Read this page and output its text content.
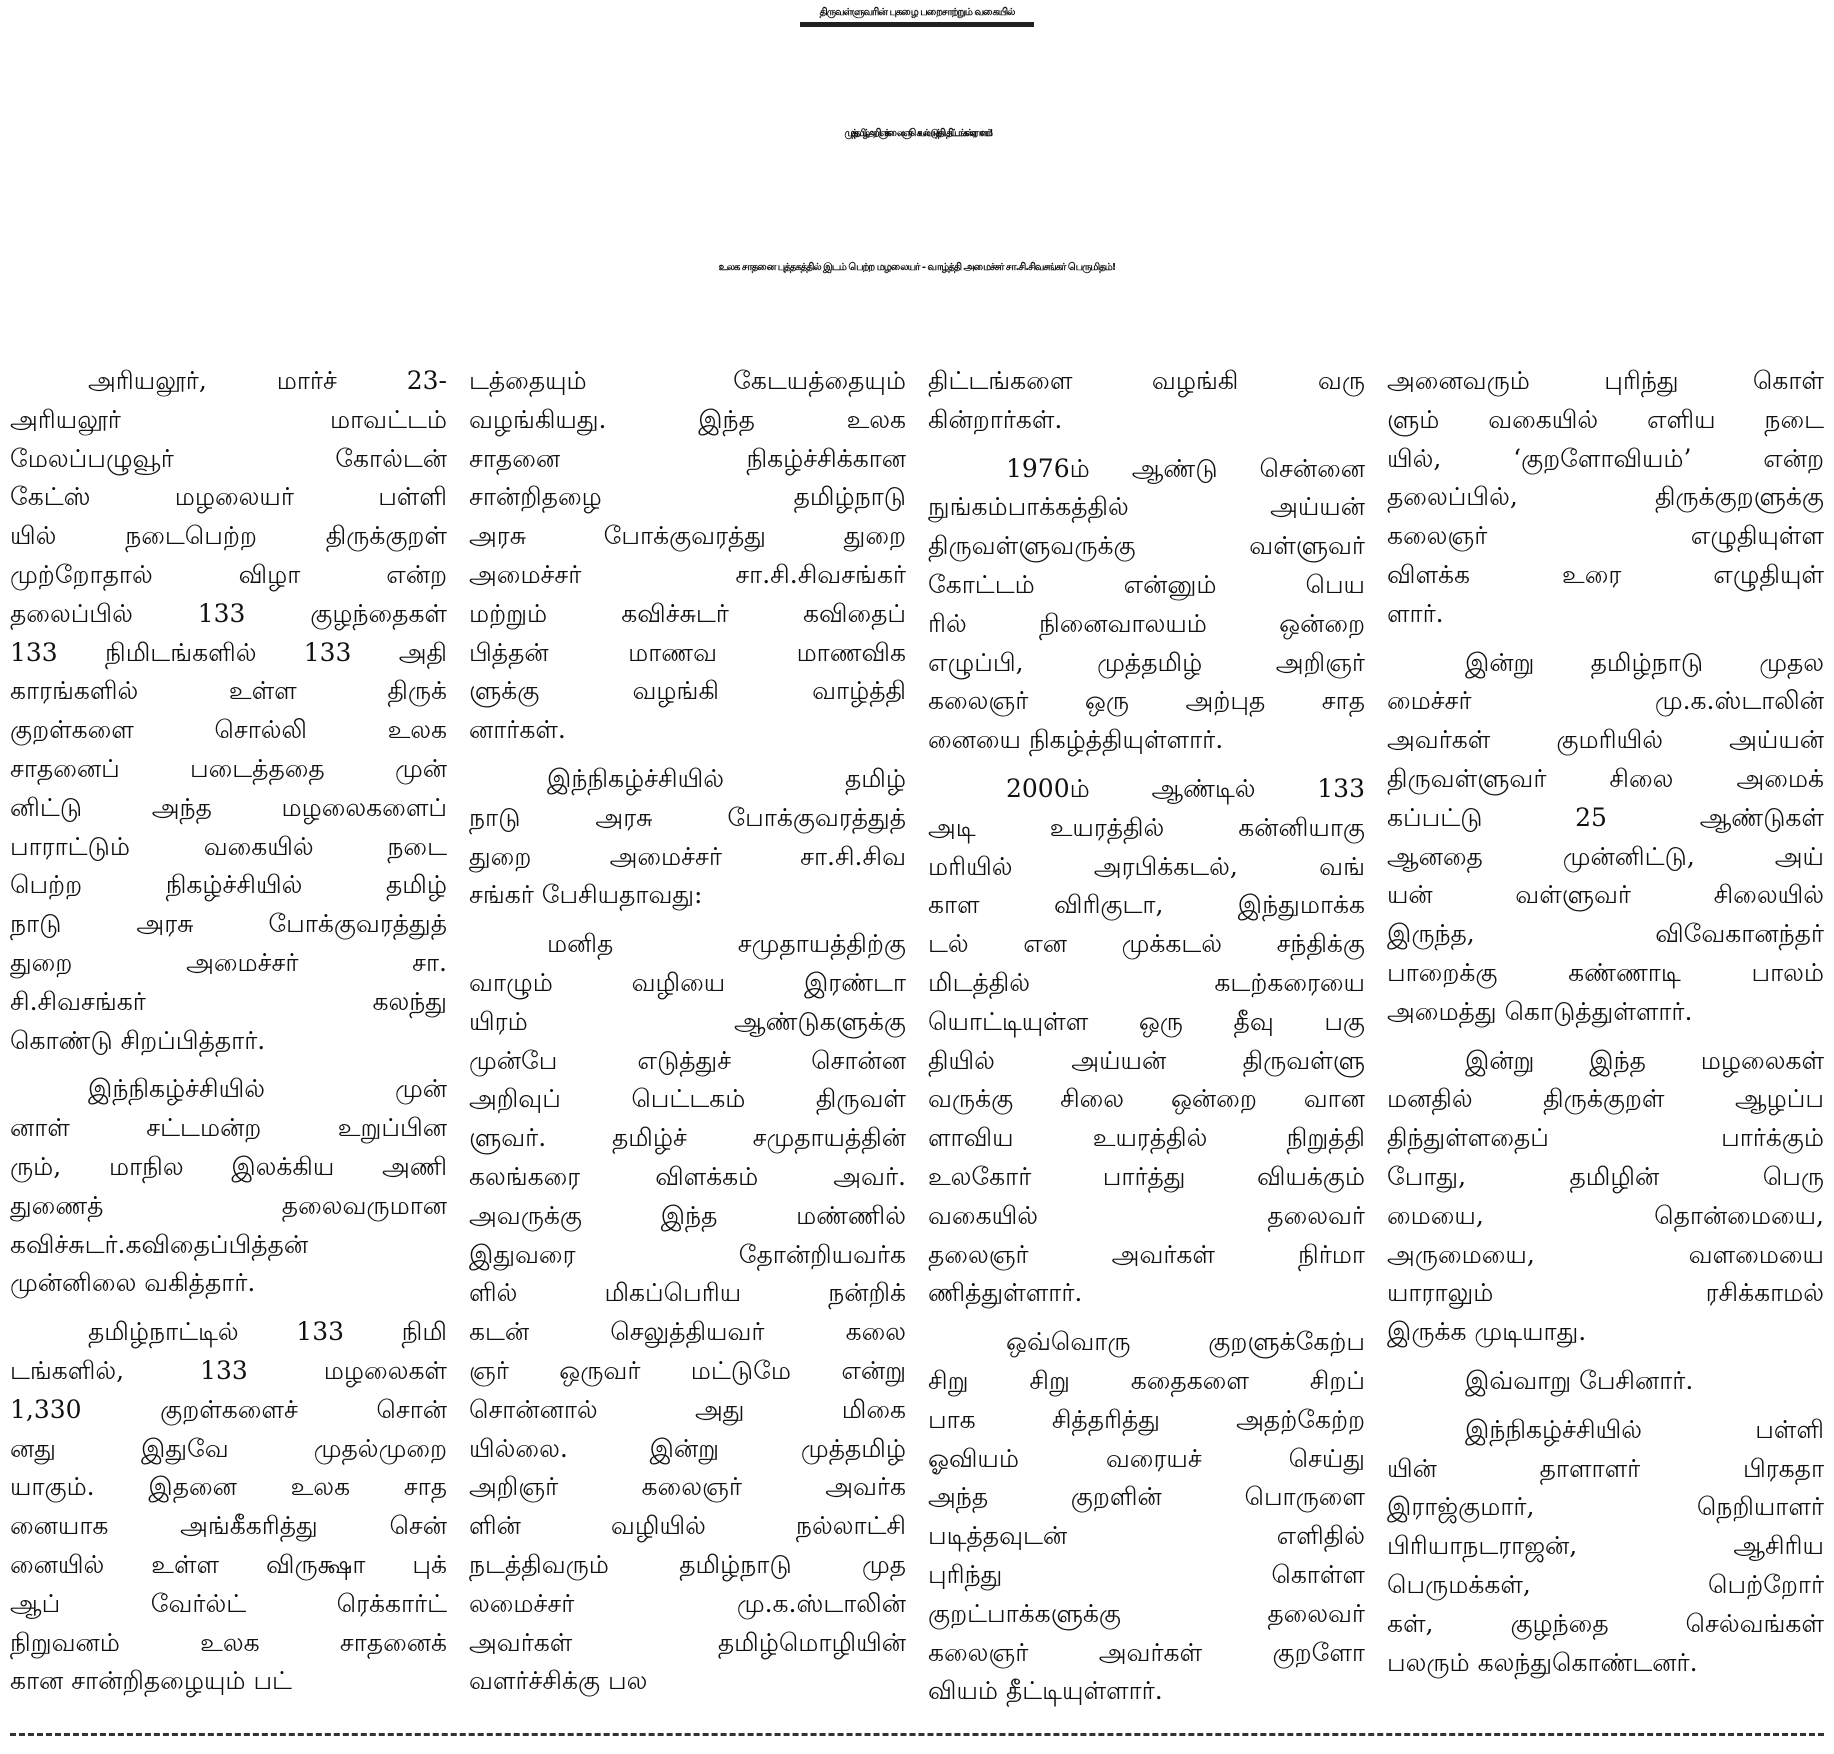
திருவள்ளுவரின் புகழை பறைசாற்றும் வகையில்
முத்தமிழ் அறிஞர் கலைஞர் செயல்படுத்திய திட்டங்கள் ஏராளம்!
உலக சாதனை புத்தகத்தில் இடம் பெற்ற மழலையர் - வாழ்த்தி அமைச்சர் சா.சி.சிவசங்கர் பெருமிதம்!
அரியலூர், மார்ச் 23-
அரியலூர் மாவட்டம்
மேலப்பழுவூர் கோல்டன்
கேட்ஸ் மழலையர் பள்ளி
யில் நடைபெற்ற திருக்குறள்
முற்றோதால் விழா என்ற
தலைப்பில் 133 குழந்தைகள்
133 நிமிடங்களில் 133 அதி
காரங்களில் உள்ள திருக்
குறள்களை சொல்லி உலக
சாதனைப் படைத்ததை முன்
னிட்டு அந்த மழலைகளைப்
பாராட்டும் வகையில் நடை
பெற்ற நிகழ்ச்சியில் தமிழ்
நாடு அரசு போக்குவரத்துத்
துறை அமைச்சர் சா.
சி.சிவசங்கர் கலந்து
கொண்டு சிறப்பித்தார்.
இந்நிகழ்ச்சியில் முன்
னாள் சட்டமன்ற உறுப்பின
ரும், மாநில இலக்கிய அணி
துணைத் தலைவருமான
கவிச்சுடர்.கவிதைப்பித்தன்
முன்னிலை வகித்தார்.
தமிழ்நாட்டில் 133 நிமி
டங்களில், 133 மழலைகள்
1,330 குறள்களைச் சொன்
னது இதுவே முதல்முறை
யாகும். இதனை உலக சாத
னையாக அங்கீகரித்து சென்
னையில் உள்ள விருக்ஷா புக்
ஆப் வேர்ல்ட் ரெக்கார்ட்
நிறுவனம் உலக சாதனைக்
கான சான்றிதழையும் பட்
டத்தையும் கேடயத்தையும்
வழங்கியது. இந்த உலக
சாதனை நிகழ்ச்சிக்கான
சான்றிதழை தமிழ்நாடு
அரசு போக்குவரத்து துறை
அமைச்சர் சா.சி.சிவசங்கர்
மற்றும் கவிச்சுடர் கவிதைப்
பித்தன் மாணவ மாணவிக
ளுக்கு வழங்கி வாழ்த்தி
னார்கள்.
இந்நிகழ்ச்சியில் தமிழ்
நாடு அரசு போக்குவரத்துத்
துறை அமைச்சர் சா.சி.சிவ
சங்கர் பேசியதாவது:
மனித சமுதாயத்திற்கு
வாழும் வழியை இரண்டா
யிரம் ஆண்டுகளுக்கு
முன்பே எடுத்துச் சொன்ன
அறிவுப் பெட்டகம் திருவள்
ளுவர். தமிழ்ச் சமுதாயத்தின்
கலங்கரை விளக்கம் அவர்.
அவருக்கு இந்த மண்ணில்
இதுவரை தோன்றியவர்க
ளில் மிகப்பெரிய நன்றிக்
கடன் செலுத்தியவர் கலை
ஞர் ஒருவர் மட்டுமே என்று
சொன்னால் அது மிகை
யில்லை. இன்று முத்தமிழ்
அறிஞர் கலைஞர் அவர்க
ளின் வழியில் நல்லாட்சி
நடத்திவரும் தமிழ்நாடு முத
லமைச்சர் மு.க.ஸ்டாலின்
அவர்கள் தமிழ்மொழியின்
வளர்ச்சிக்கு பல
திட்டங்களை வழங்கி வரு
கின்றார்கள்.
1976ம் ஆண்டு சென்னை
நுங்கம்பாக்கத்தில் அய்யன்
திருவள்ளுவருக்கு வள்ளுவர்
கோட்டம் என்னும் பெய
ரில் நினைவாலயம் ஒன்றை
எழுப்பி, முத்தமிழ் அறிஞர்
கலைஞர் ஒரு அற்புத சாத
னையை நிகழ்த்தியுள்ளார்.
2000ம் ஆண்டில் 133
அடி உயரத்தில் கன்னியாகு
மரியில் அரபிக்கடல், வங்
காள விரிகுடா, இந்துமாக்க
டல் என முக்கடல் சந்திக்கு
மிடத்தில் கடற்கரையை
யொட்டியுள்ள ஒரு தீவு பகு
தியில் அய்யன் திருவள்ளு
வருக்கு சிலை ஒன்றை வான
ளாவிய உயரத்தில் நிறுத்தி
உலகோர் பார்த்து வியக்கும்
வகையில் தலைவர்
தலைஞர் அவர்கள் நிர்மா
ணித்துள்ளார்.
ஒவ்வொரு குறளுக்கேற்ப
சிறு சிறு கதைகளை சிறப்
பாக சித்தரித்து அதற்கேற்ற
ஓவியம் வரையச் செய்து
அந்த குறளின் பொருளை
படித்தவுடன் எளிதில்
புரிந்து கொள்ள
குறட்பாக்களுக்கு தலைவர்
கலைஞர் அவர்கள் குறளோ
வியம் தீட்டியுள்ளார்.
அனைவரும் புரிந்து கொள்
ளும் வகையில் எளிய நடை
யில், ‘குறளோவியம்’ என்ற
தலைப்பில், திருக்குறளுக்கு
கலைஞர் எழுதியுள்ள
விளக்க உரை எழுதியுள்
ளார்.
இன்று தமிழ்நாடு முதல
மைச்சர் மு.க.ஸ்டாலின்
அவர்கள் குமரியில் அய்யன்
திருவள்ளுவர் சிலை அமைக்
கப்பட்டு 25 ஆண்டுகள்
ஆனதை முன்னிட்டு, அய்
யன் வள்ளுவர் சிலையில்
இருந்த, விவேகானந்தர்
பாறைக்கு கண்ணாடி பாலம்
அமைத்து கொடுத்துள்ளார்.
இன்று இந்த மழலைகள்
மனதில் திருக்குறள் ஆழப்ப
திந்துள்ளதைப் பார்க்கும்
போது, தமிழின் பெரு
மையை, தொன்மையை,
அருமையை, வளமையை
யாராலும் ரசிக்காமல்
இருக்க முடியாது.
இவ்வாறு பேசினார்.
இந்நிகழ்ச்சியில் பள்ளி
யின் தாளாளர் பிரகதா
இராஜ்குமார், நெறியாளர்
பிரியாநடராஜன், ஆசிரிய
பெருமக்கள், பெற்றோர்
கள், குழந்தை செல்வங்கள்
பலரும் கலந்துகொண்டனர்.
